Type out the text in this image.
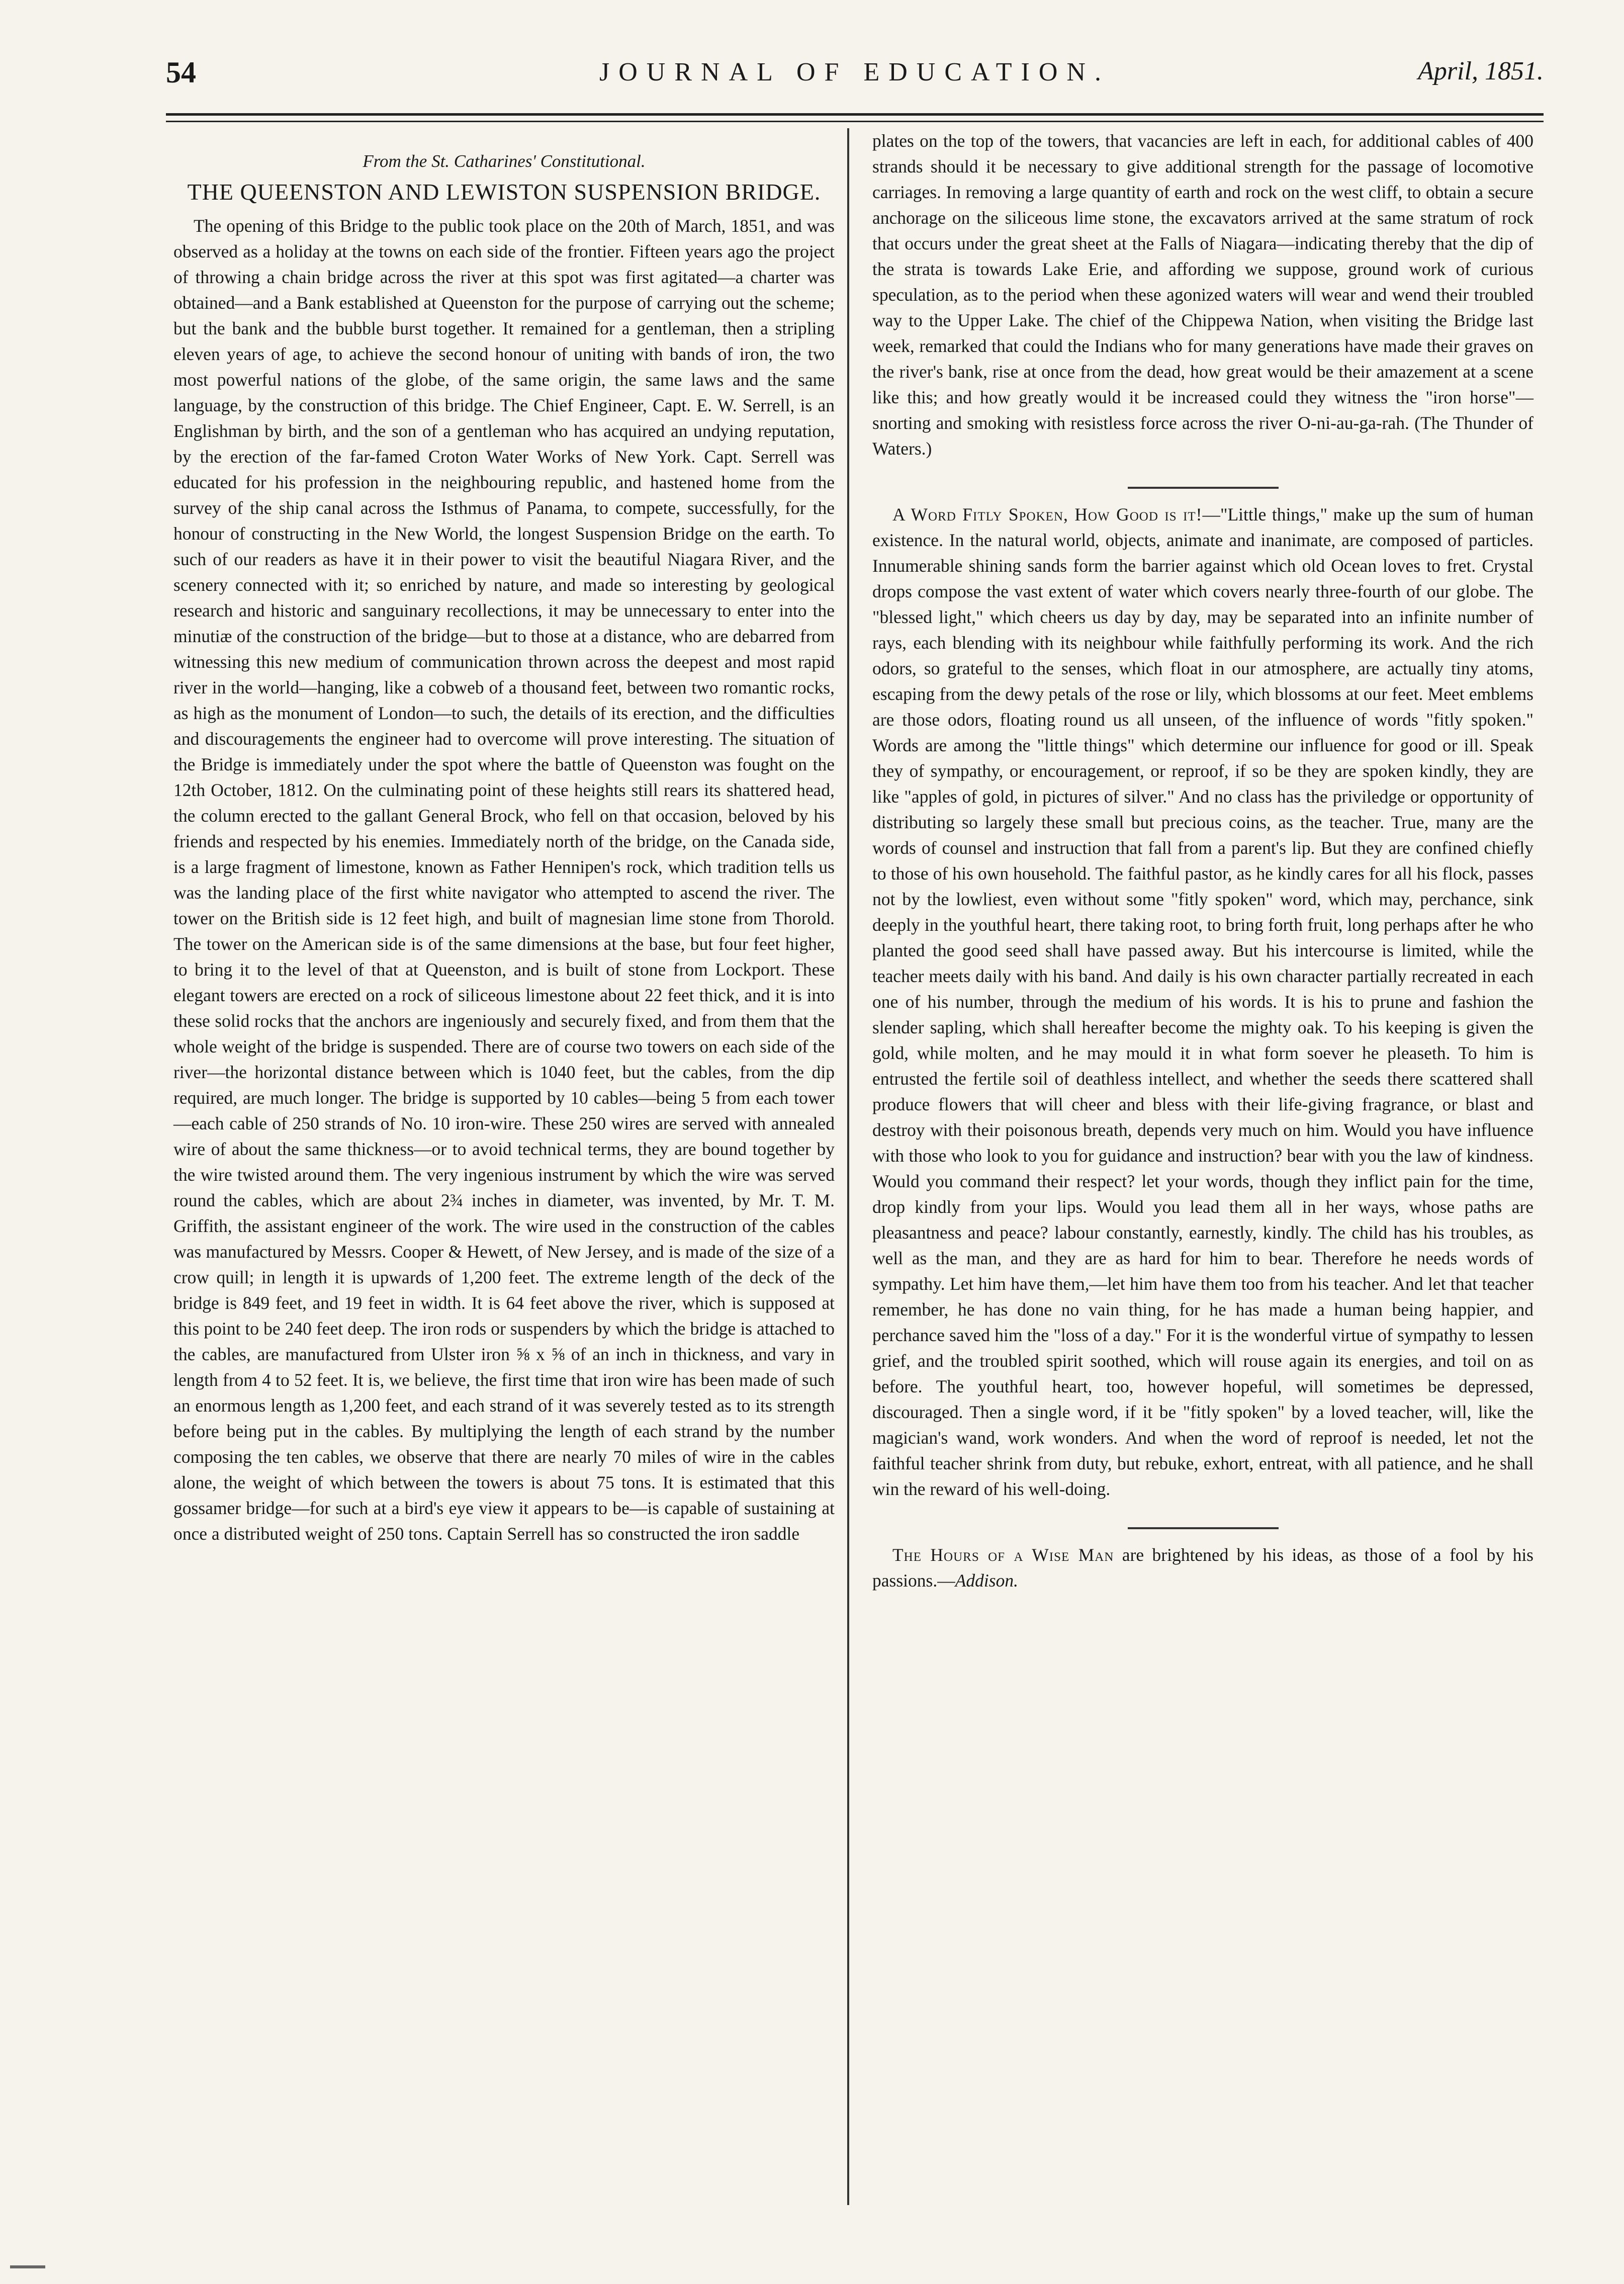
54	JOURNAL OF EDUCATION.	April, 1851.
From the St. Catharines' Constitutional.
THE QUEENSTON AND LEWISTON SUSPENSION BRIDGE.

The opening of this Bridge to the public took place on the 20th of March, 1851, and was observed as a holiday at the towns on each side of the frontier. Fifteen years ago the project of throwing a chain bridge across the river at this spot was first agitated—a charter was obtained—and a Bank established at Queenston for the purpose of carrying out the scheme; but the bank and the bubble burst together. It remained for a gentleman, then a stripling eleven years of age, to achieve the second honour of uniting with bands of iron, the two most powerful nations of the globe, of the same origin, the same laws and the same language, by the construction of this bridge. The Chief Engineer, Capt. E. W. Serrell, is an Englishman by birth, and the son of a gentleman who has acquired an undying reputation, by the erection of the far-famed Croton Water Works of New York. Capt. Serrell was educated for his profession in the neighbouring republic, and hastened home from the survey of the ship canal across the Isthmus of Panama, to compete, successfully, for the honour of constructing in the New World, the longest Suspension Bridge on the earth. To such of our readers as have it in their power to visit the beautiful Niagara River, and the scenery connected with it; so enriched by nature, and made so interesting by geological research and historic and sanguinary recollections, it may be unnecessary to enter into the minutiæ of the construction of the bridge—but to those at a distance, who are debarred from witnessing this new medium of communication thrown across the deepest and most rapid river in the world—hanging, like a cobweb of a thousand feet, between two romantic rocks, as high as the monument of London—to such, the details of its erection, and the difficulties and discouragements the engineer had to overcome will prove interesting. The situation of the Bridge is immediately under the spot where the battle of Queenston was fought on the 12th October, 1812. On the culminating point of these heights still rears its shattered head, the column erected to the gallant General Brock, who fell on that occasion, beloved by his friends and respected by his enemies. Immediately north of the bridge, on the Canada side, is a large fragment of limestone, known as Father Hennipen's rock, which tradition tells us was the landing place of the first white navigator who attempted to ascend the river. The tower on the British side is 12 feet high, and built of magnesian lime stone from Thorold. The tower on the American side is of the same dimensions at the base, but four feet higher, to bring it to the level of that at Queenston, and is built of stone from Lockport. These elegant towers are erected on a rock of siliceous limestone about 22 feet thick, and it is into these solid rocks that the anchors are ingeniously and securely fixed, and from them that the whole weight of the bridge is suspended. There are of course two towers on each side of the river—the horizontal distance between which is 1040 feet, but the cables, from the dip required, are much longer. The bridge is supported by 10 cables—being 5 from each tower—each cable of 250 strands of No. 10 iron-wire. These 250 wires are served with annealed wire of about the same thickness—or to avoid technical terms, they are bound together by the wire twisted around them. The very ingenious instrument by which the wire was served round the cables, which are about 2¾ inches in diameter, was invented, by Mr. T. M. Griffith, the assistant engineer of the work. The wire used in the construction of the cables was manufactured by Messrs. Cooper & Hewett, of New Jersey, and is made of the size of a crow quill; in length it is upwards of 1,200 feet. The extreme length of the deck of the bridge is 849 feet, and 19 feet in width. It is 64 feet above the river, which is supposed at this point to be 240 feet deep. The iron rods or suspenders by which the bridge is attached to the cables, are manufactured from Ulster iron ⅝ x ⅝ of an inch in thickness, and vary in length from 4 to 52 feet. It is, we believe, the first time that iron wire has been made of such an enormous length as 1,200 feet, and each strand of it was severely tested as to its strength before being put in the cables. By multiplying the length of each strand by the number composing the ten cables, we observe that there are nearly 70 miles of wire in the cables alone, the weight of which between the towers is about 75 tons. It is estimated that this gossamer bridge—for such at a bird's eye view it appears to be—is capable of sustaining at once a distributed weight of 250 tons. Captain Serrell has so constructed the iron saddle

plates on the top of the towers, that vacancies are left in each, for additional cables of 400 strands should it be necessary to give additional strength for the passage of locomotive carriages. In removing a large quantity of earth and rock on the west cliff, to obtain a secure anchorage on the siliceous lime stone, the excavators arrived at the same stratum of rock that occurs under the great sheet at the Falls of Niagara—indicating thereby that the dip of the strata is towards Lake Erie, and affording we suppose, ground work of curious speculation, as to the period when these agonized waters will wear and wend their troubled way to the Upper Lake. The chief of the Chippewa Nation, when visiting the Bridge last week, remarked that could the Indians who for many generations have made their graves on the river's bank, rise at once from the dead, how great would be their amazement at a scene like this; and how greatly would it be increased could they witness the "iron horse"—snorting and smoking with resistless force across the river O-ni-au-ga-rah. (The Thunder of Waters.)

A Word Fitly Spoken, How Good is it!—"Little things," make up the sum of human existence. In the natural world, objects, animate and inanimate, are composed of particles. Innumerable shining sands form the barrier against which old Ocean loves to fret. Crystal drops compose the vast extent of water which covers nearly three-fourth of our globe. The "blessed light," which cheers us day by day, may be separated into an infinite number of rays, each blending with its neighbour while faithfully performing its work. And the rich odors, so grateful to the senses, which float in our atmosphere, are actually tiny atoms, escaping from the dewy petals of the rose or lily, which blossoms at our feet. Meet emblems are those odors, floating round us all unseen, of the influence of words "fitly spoken." Words are among the "little things" which determine our influence for good or ill. Speak they of sympathy, or encouragement, or reproof, if so be they are spoken kindly, they are like "apples of gold, in pictures of silver." And no class has the priviledge or opportunity of distributing so largely these small but precious coins, as the teacher. True, many are the words of counsel and instruction that fall from a parent's lip. But they are confined chiefly to those of his own household. The faithful pastor, as he kindly cares for all his flock, passes not by the lowliest, even without some "fitly spoken" word, which may, perchance, sink deeply in the youthful heart, there taking root, to bring forth fruit, long perhaps after he who planted the good seed shall have passed away. But his intercourse is limited, while the teacher meets daily with his band. And daily is his own character partially recreated in each one of his number, through the medium of his words. It is his to prune and fashion the slender sapling, which shall hereafter become the mighty oak. To his keeping is given the gold, while molten, and he may mould it in what form soever he pleaseth. To him is entrusted the fertile soil of deathless intellect, and whether the seeds there scattered shall produce flowers that will cheer and bless with their life-giving fragrance, or blast and destroy with their poisonous breath, depends very much on him. Would you have influence with those who look to you for guidance and instruction? bear with you the law of kindness. Would you command their respect? let your words, though they inflict pain for the time, drop kindly from your lips. Would you lead them all in her ways, whose paths are pleasantness and peace? labour constantly, earnestly, kindly. The child has his troubles, as well as the man, and they are as hard for him to bear. Therefore he needs words of sympathy. Let him have them,—let him have them too from his teacher. And let that teacher remember, he has done no vain thing, for he has made a human being happier, and perchance saved him the "loss of a day." For it is the wonderful virtue of sympathy to lessen grief, and the troubled spirit soothed, which will rouse again its energies, and toil on as before. The youthful heart, too, however hopeful, will sometimes be depressed, discouraged. Then a single word, if it be "fitly spoken" by a loved teacher, will, like the magician's wand, work wonders. And when the word of reproof is needed, let not the faithful teacher shrink from duty, but rebuke, exhort, entreat, with all patience, and he shall win the reward of his well-doing.

The Hours of a Wise Man are brightened by his ideas, as those of a fool by his passions.—Addison.
